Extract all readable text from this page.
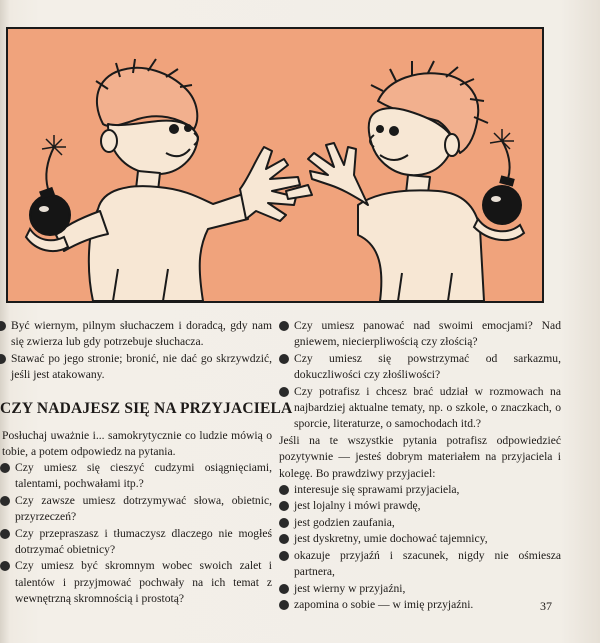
Być wiernym, pilnym słuchaczem i doradcą, gdy nam się zwierza lub gdy potrzebuje słuchacza.
Stawać po jego stronie; bronić, nie dać go skrzywdzić, jeśli jest atakowany.
CZY NADAJESZ SIĘ NA PRZYJACIELA
Posłuchaj uważnie i... samokrytycznie co ludzie mówią o tobie, a potem odpowiedz na pytania.
Czy umiesz się cieszyć cudzymi osiągnięciami, talentami, pochwałami itp.?
Czy zawsze umiesz dotrzymywać słowa, obietnic, przyrzeczeń?
Czy przepraszasz i tłumaczysz dlaczego nie mogłeś dotrzymać obietnicy?
Czy umiesz być skromnym wobec swoich zalet i talentów i przyjmować pochwały na ich temat z wewnętrzną skromnością i prostotą?
Czy umiesz panować nad swoimi emocjami? Nad gniewem, niecierpliwością czy złością?
Czy umiesz się powstrzymać od sarkazmu, dokuczliwości czy złośliwości?
Czy potrafisz i chcesz brać udział w rozmowach na najbardziej aktualne tematy, np. o szkole, o znaczkach, o sporcie, literaturze, o samochodach itd.?
Jeśli na te wszystkie pytania potrafisz odpowiedzieć pozytywnie — jesteś dobrym materiałem na przyjaciela i kolegę. Bo prawdziwy przyjaciel:
interesuje się sprawami przyjaciela,
jest lojalny i mówi prawdę,
jest godzien zaufania,
jest dyskretny, umie dochować tajemnicy,
okazuje przyjaźń i szacunek, nigdy nie ośmiesza partnera,
jest wierny w przyjaźni,
zapomina o sobie — w imię przyjaźni.	37
